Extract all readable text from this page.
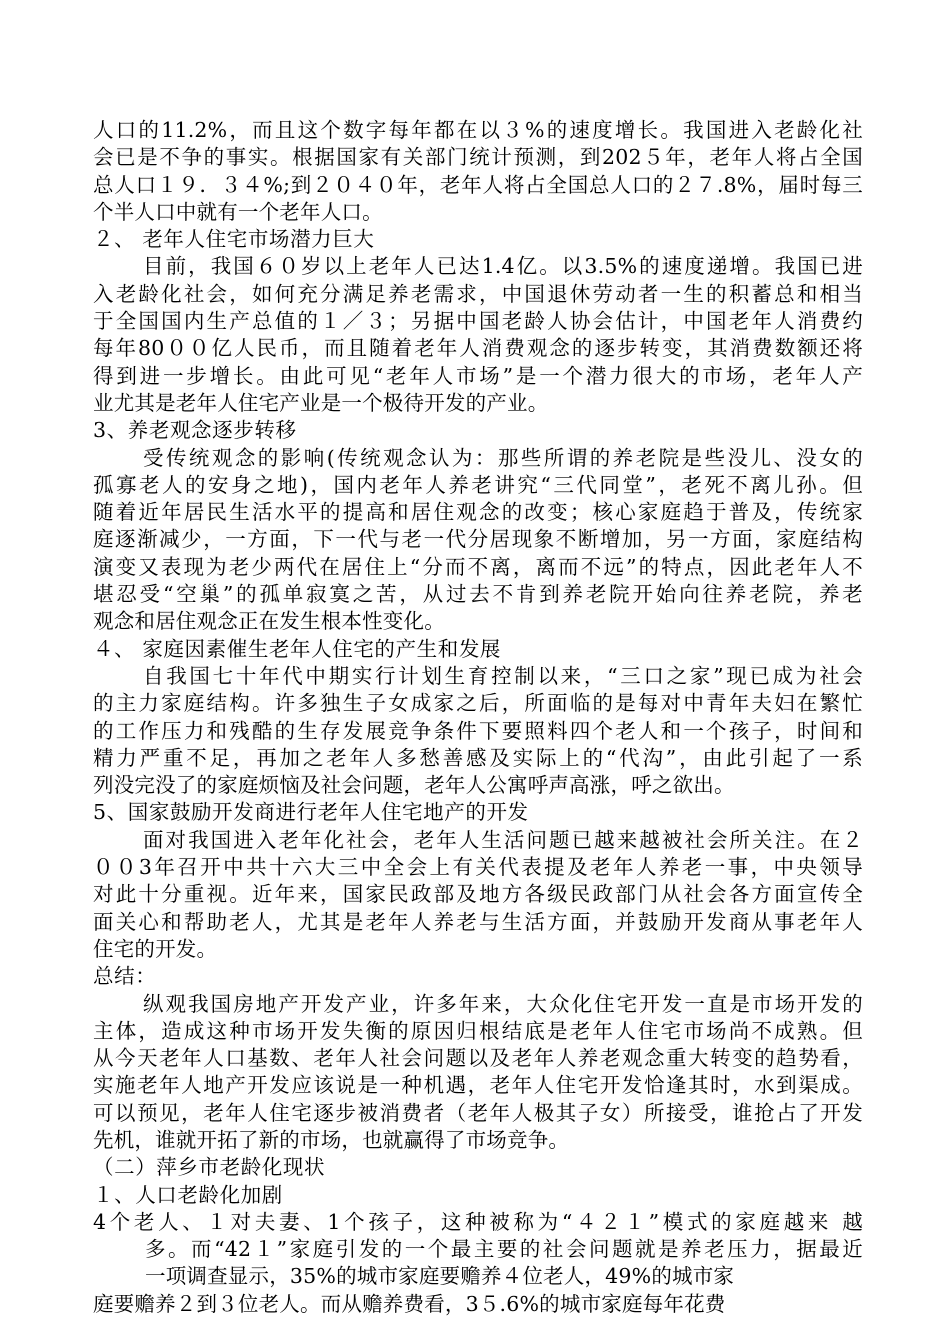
人口的11.2%，而且这个数字每年都在以３%的速度增长。我国进入老龄化社
会已是不争的事实。根据国家有关部门统计预测，到202５年，老年人将占全国
总人口１９．３４%;到２０４０年，老年人将占全国总人口的２７.8%，届时每三
个半人口中就有一个老年人口。
２、 老年人住宅市场潜力巨大
目前，我国６０岁以上老年人已达1.4亿。以3.5%的速度递增。我国已进
入老龄化社会，如何充分满足养老需求，中国退休劳动者一生的积蓄总和相当
于全国国内生产总值的１／３；另据中国老龄人协会估计，中国老年人消费约
每年80００亿人民币，而且随着老年人消费观念的逐步转变，其消费数额还将
得到进一步增长。由此可见“老年人市场”是一个潜力很大的市场，老年人产
业尤其是老年人住宅产业是一个极待开发的产业。
3、养老观念逐步转移
受传统观念的影响(传统观念认为：那些所谓的养老院是些没儿、没女的
孤寡老人的安身之地)，国内老年人养老讲究“三代同堂”，老死不离儿孙。但
随着近年居民生活水平的提高和居住观念的改变；核心家庭趋于普及，传统家
庭逐渐减少，一方面，下一代与老一代分居现象不断增加，另一方面，家庭结构
演变又表现为老少两代在居住上“分而不离，离而不远”的特点，因此老年人不
堪忍受“空巢”的孤单寂寞之苦，从过去不肯到养老院开始向往养老院，养老
观念和居住观念正在发生根本性变化。
４、 家庭因素催生老年人住宅的产生和发展
自我国七十年代中期实行计划生育控制以来，“三口之家”现已成为社会
的主力家庭结构。许多独生子女成家之后，所面临的是每对中青年夫妇在繁忙
的工作压力和残酷的生存发展竞争条件下要照料四个老人和一个孩子，时间和
精力严重不足，再加之老年人多愁善感及实际上的“代沟”，由此引起了一系
列没完没了的家庭烦恼及社会问题，老年人公寓呼声高涨，呼之欲出。
5、国家鼓励开发商进行老年人住宅地产的开发
面对我国进入老年化社会，老年人生活问题已越来越被社会所关注。在２
００3年召开中共十六大三中全会上有关代表提及老年人养老一事，中央领导
对此十分重视。近年来，国家民政部及地方各级民政部门从社会各方面宣传全
面关心和帮助老人，尤其是老年人养老与生活方面，并鼓励开发商从事老年人
住宅的开发。
总结：
纵观我国房地产开发产业，许多年来，大众化住宅开发一直是市场开发的
主体，造成这种市场开发失衡的原因归根结底是老年人住宅市场尚不成熟。但
从今天老年人口基数、老年人社会问题以及老年人养老观念重大转变的趋势看，
实施老年人地产开发应该说是一种机遇，老年人住宅开发恰逢其时，水到渠成。
可以预见，老年人住宅逐步被消费者（老年人极其子女）所接受，谁抢占了开发
先机，谁就开拓了新的市场，也就赢得了市场竞争。
（二）萍乡市老龄化现状
１、人口老龄化加剧
4个老人、１对夫妻、1个孩子，这种被称为“４２１”模式的家庭越来 越
多。而“42１”家庭引发的一个最主要的社会问题就是养老压力，据最近
一项调查显示，35%的城市家庭要赡养４位老人，49%的城市家
庭要赡养２到３位老人。而从赡养费看，3５.6%的城市家庭每年花费
